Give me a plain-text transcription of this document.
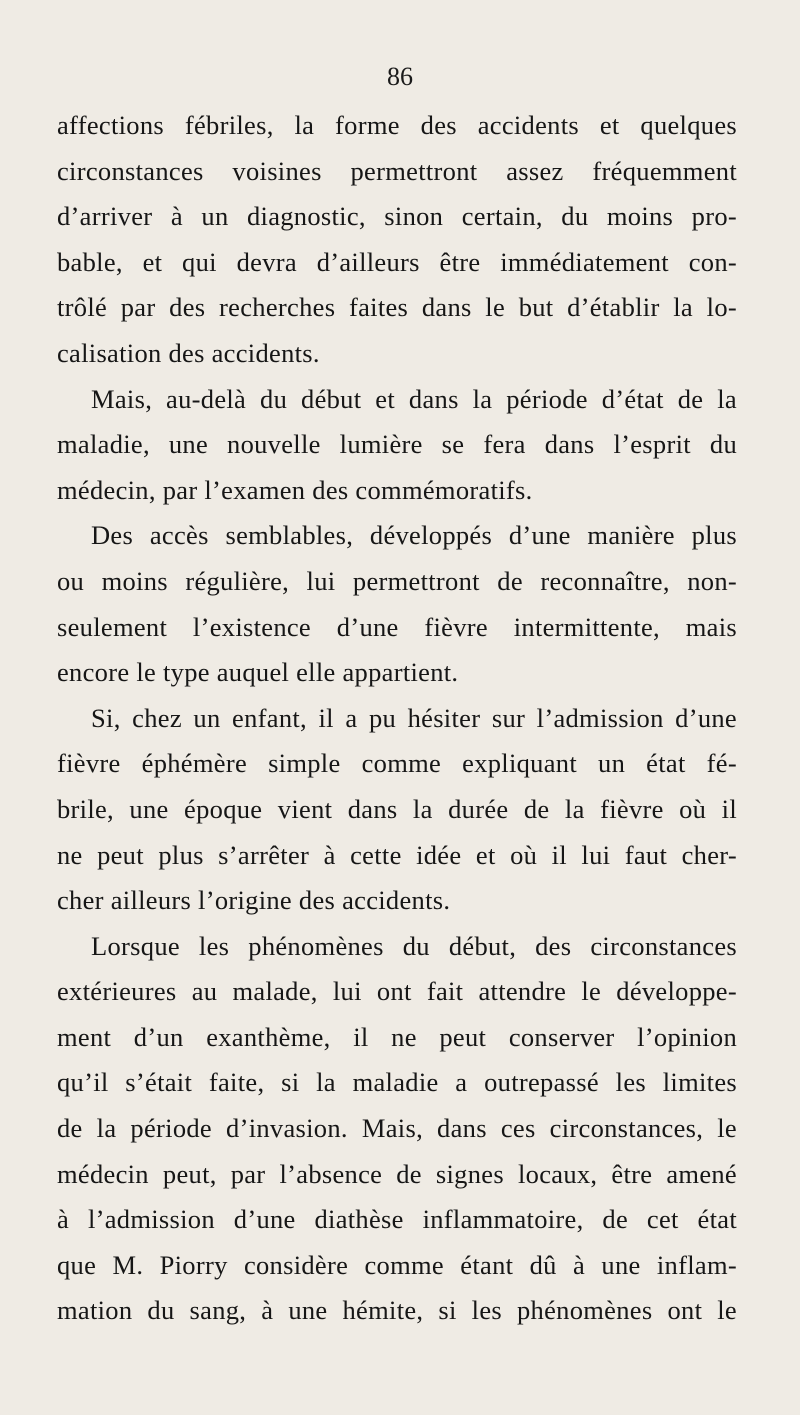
86
affections fébriles, la forme des accidents et quelques
circonstances voisines permettront assez fréquemment
d’arriver à un diagnostic, sinon certain, du moins pro-
bable, et qui devra d’ailleurs être immédiatement con-
trôlé par des recherches faites dans le but d’établir la lo-
calisation des accidents.
Mais, au-delà du début et dans la période d’état de la
maladie, une nouvelle lumière se fera dans l’esprit du
médecin, par l’examen des commémoratifs.
Des accès semblables, développés d’une manière plus
ou moins régulière, lui permettront de reconnaître, non-
seulement l’existence d’une fièvre intermittente, mais
encore le type auquel elle appartient.
Si, chez un enfant, il a pu hésiter sur l’admission d’une
fièvre éphémère simple comme expliquant un état fé-
brile, une époque vient dans la durée de la fièvre où il
ne peut plus s’arrêter à cette idée et où il lui faut cher-
cher ailleurs l’origine des accidents.
Lorsque les phénomènes du début, des circonstances
extérieures au malade, lui ont fait attendre le développe-
ment d’un exanthème, il ne peut conserver l’opinion
qu’il s’était faite, si la maladie a outrepassé les limites
de la période d’invasion. Mais, dans ces circonstances, le
médecin peut, par l’absence de signes locaux, être amené
à l’admission d’une diathèse inflammatoire, de cet état
que M. Piorry considère comme étant dû à une inflam-
mation du sang, à une hémite, si les phénomènes ont le
